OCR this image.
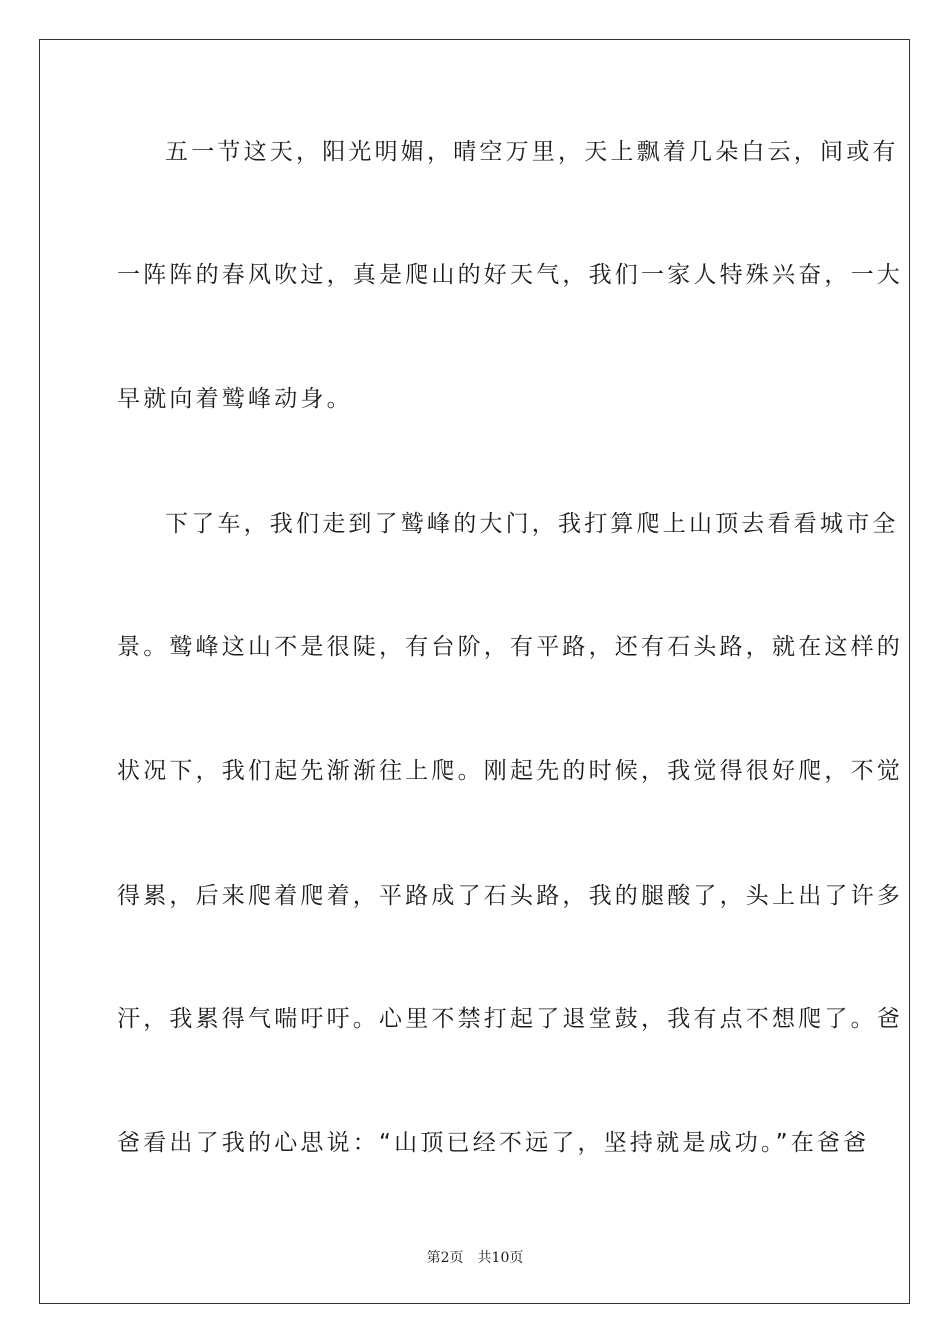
五一节这天，阳光明媚，晴空万里，天上飘着几朵白云，间或有
一阵阵的春风吹过，真是爬山的好天气，我们一家人特殊兴奋，一大
早就向着鹫峰动身。
下了车，我们走到了鹫峰的大门，我打算爬上山顶去看看城市全
景。鹫峰这山不是很陡，有台阶，有平路，还有石头路，就在这样的
状况下，我们起先渐渐往上爬。刚起先的时候，我觉得很好爬，不觉
得累，后来爬着爬着，平路成了石头路，我的腿酸了，头上出了许多
汗，我累得气喘吁吁。心里不禁打起了退堂鼓，我有点不想爬了。爸
爸看出了我的心思说：“山顶已经不远了，坚持就是成功。”在爸爸
第2页 共10页
